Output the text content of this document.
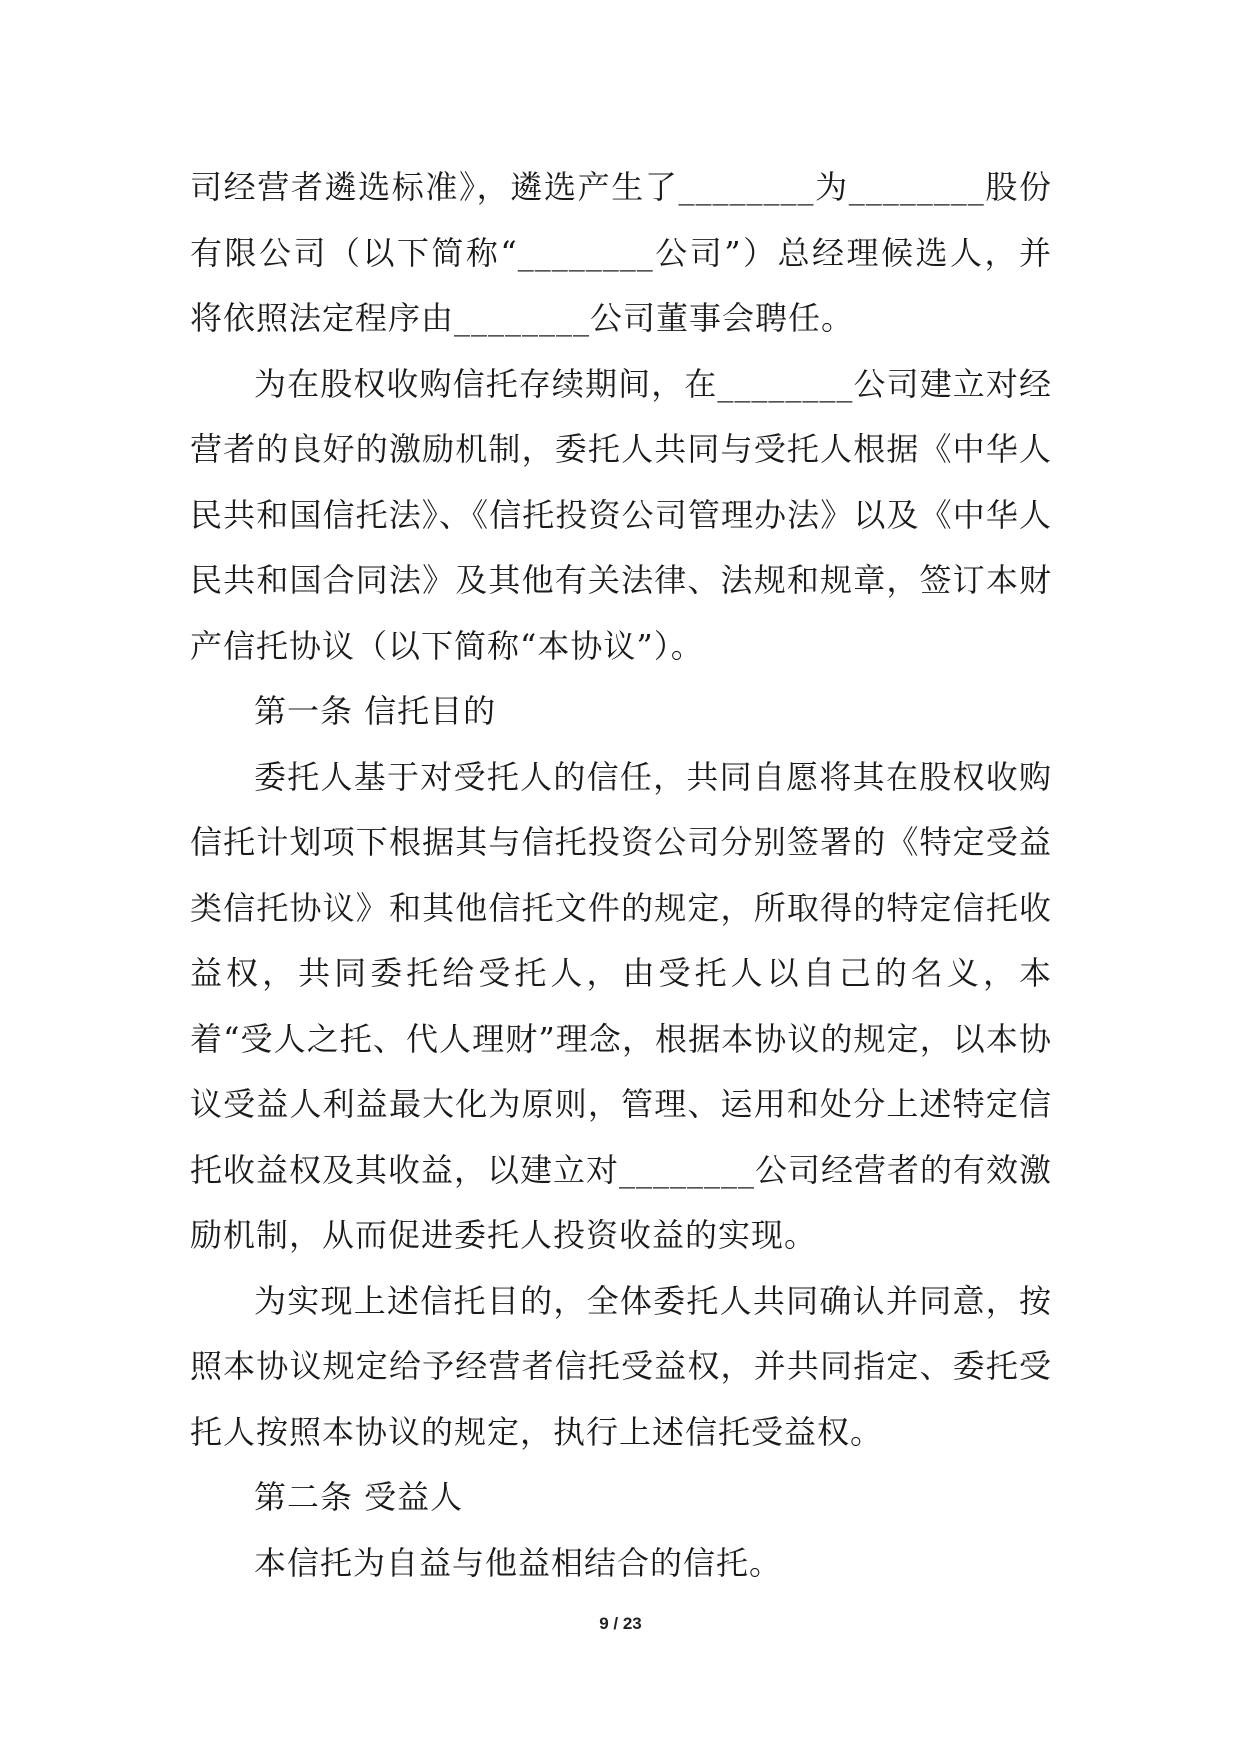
司经营者遴选标准》，遴选产生了________为________股份有限公司（以下简称“________公司”）总经理候选人，并将依照法定程序由________公司董事会聘任。

为在股权收购信托存续期间，在________公司建立对经营者的良好的激励机制，委托人共同与受托人根据《中华人民共和国信托法》、《信托投资公司管理办法》以及《中华人民共和国合同法》及其他有关法律、法规和规章，签订本财产信托协议（以下简称“本协议”）。

第一条 信托目的

委托人基于对受托人的信任，共同自愿将其在股权收购信托计划项下根据其与信托投资公司分别签署的《特定受益类信托协议》和其他信托文件的规定，所取得的特定信托收益权，共同委托给受托人，由受托人以自己的名义，本着“受人之托、代人理财”理念，根据本协议的规定，以本协议受益人利益最大化为原则，管理、运用和处分上述特定信托收益权及其收益，以建立对________公司经营者的有效激励机制，从而促进委托人投资收益的实现。

为实现上述信托目的，全体委托人共同确认并同意，按照本协议规定给予经营者信托受益权，并共同指定、委托受托人按照本协议的规定，执行上述信托受益权。

第二条 受益人

本信托为自益与他益相结合的信托。

9 / 23
